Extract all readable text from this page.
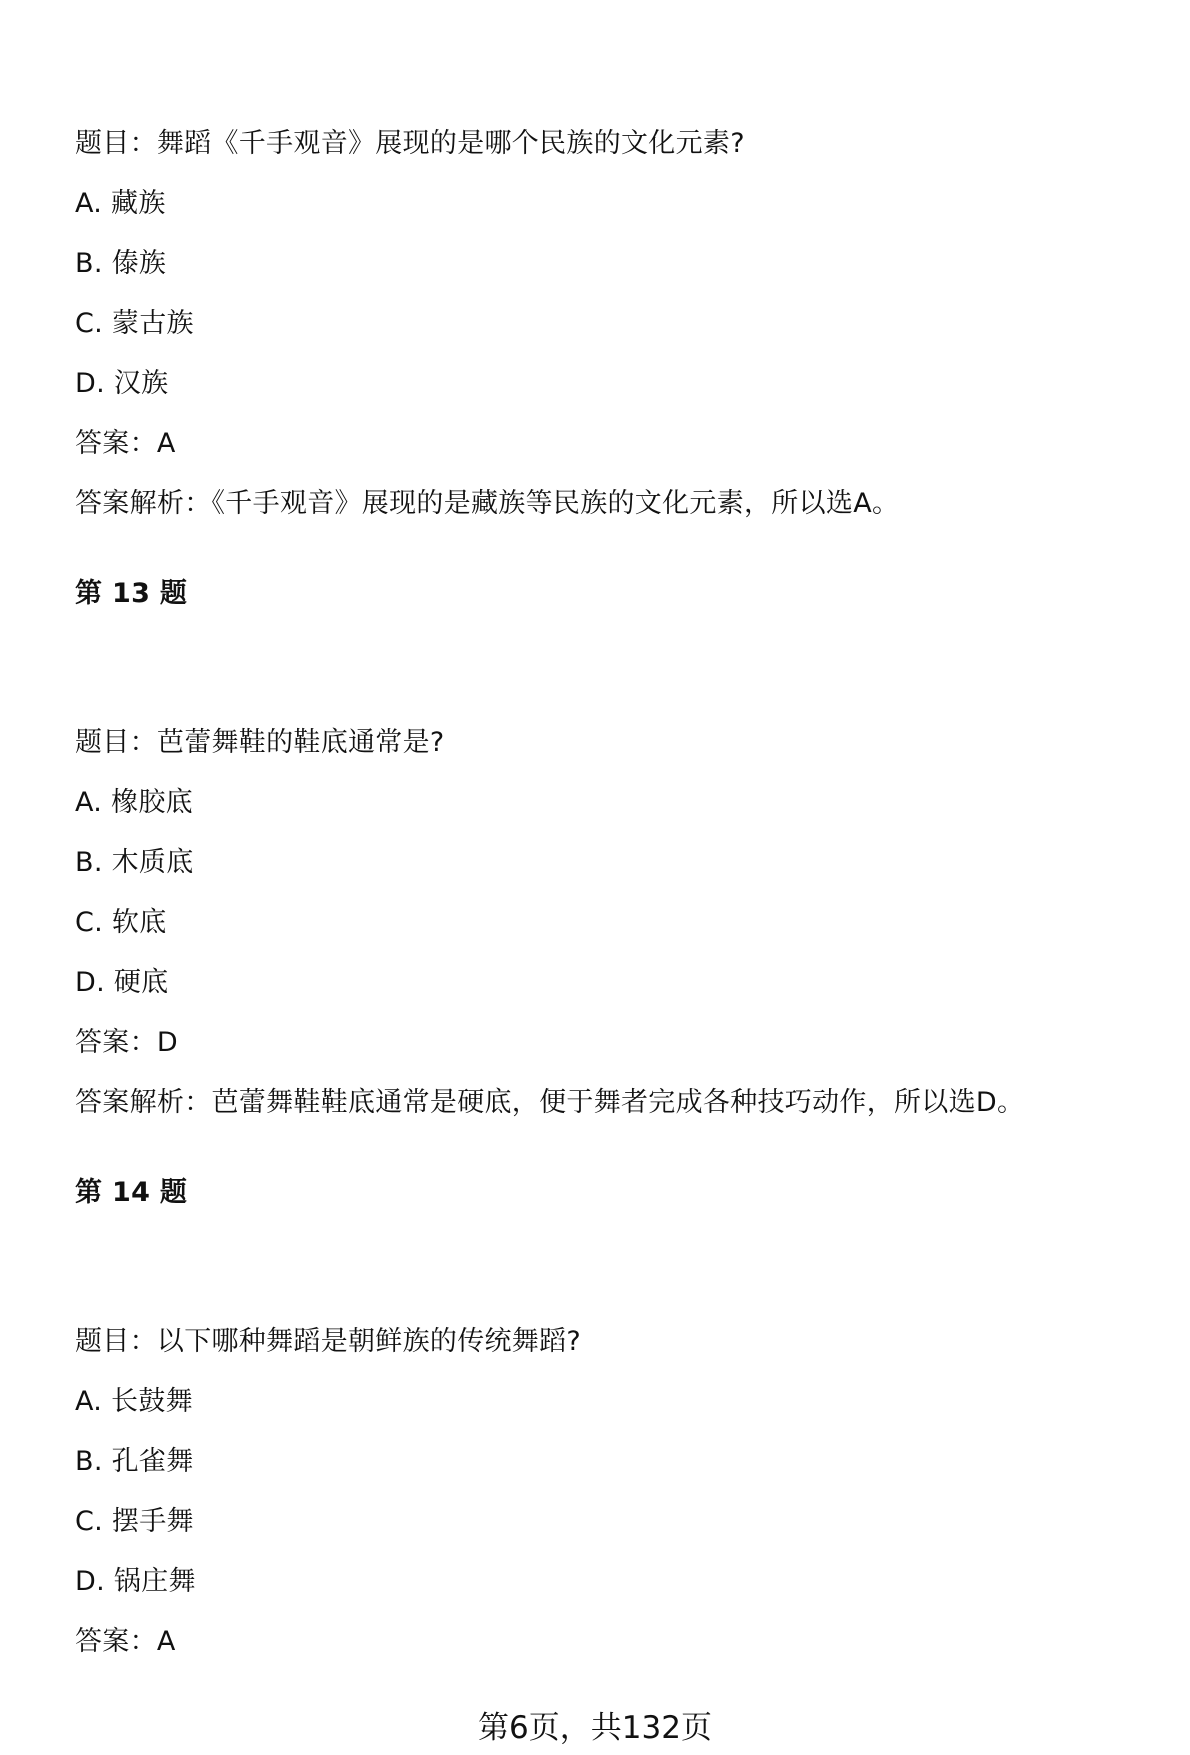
题目：舞蹈《千手观音》展现的是哪个民族的文化元素?
A. 藏族
B. 傣族
C. 蒙古族
D. 汉族
答案：A
答案解析：《千手观音》展现的是藏族等民族的文化元素，所以选A。
第 13 题
题目：芭蕾舞鞋的鞋底通常是?
A. 橡胶底
B. 木质底
C. 软底
D. 硬底
答案：D
答案解析：芭蕾舞鞋鞋底通常是硬底，便于舞者完成各种技巧动作，所以选D。
第 14 题
题目：以下哪种舞蹈是朝鲜族的传统舞蹈?
A. 长鼓舞
B. 孔雀舞
C. 摆手舞
D. 锅庄舞
答案：A
第6页，共132页
